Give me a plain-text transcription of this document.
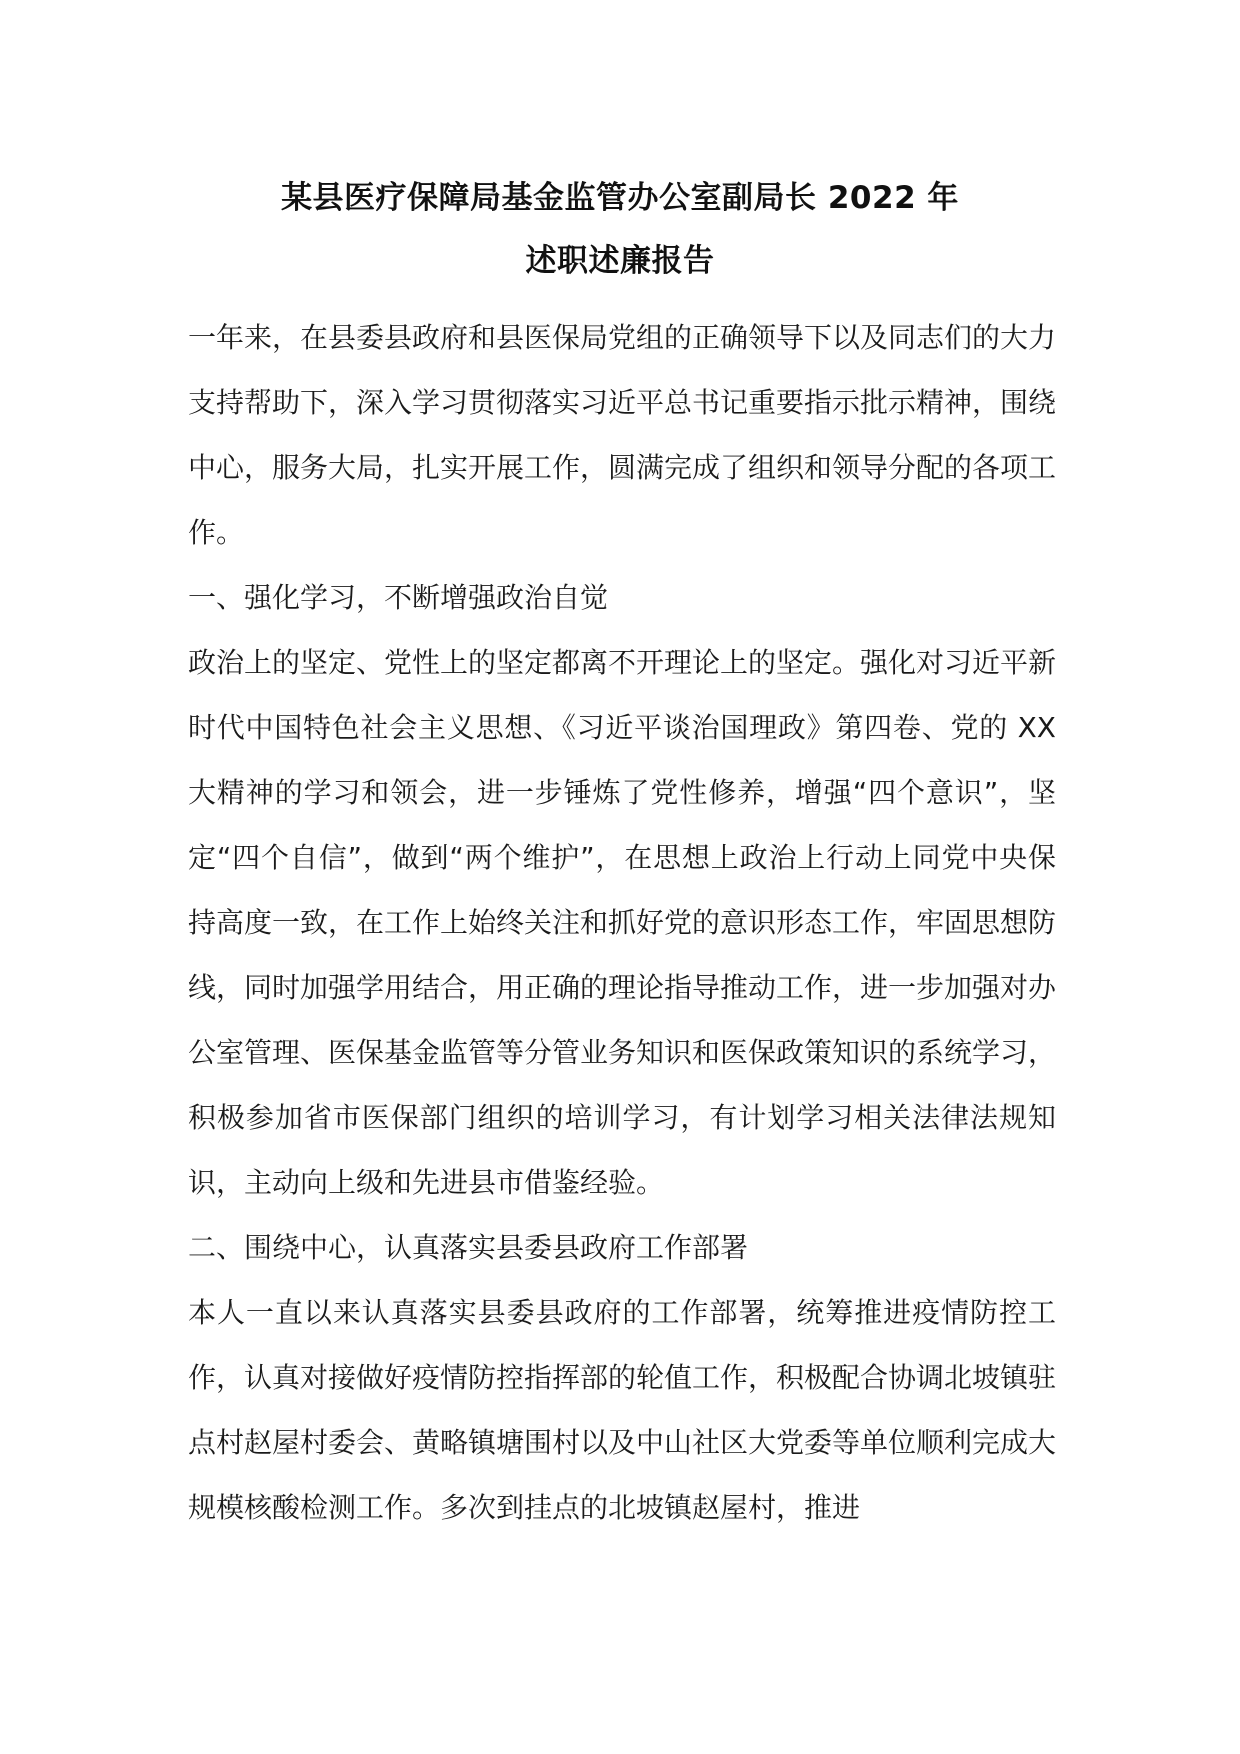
某县医疗保障局基金监管办公室副局长 2022 年
述职述廉报告

一年来，在县委县政府和县医保局党组的正确领导下以及同志们的大力支持帮助下，深入学习贯彻落实习近平总书记重要指示批示精神，围绕中心，服务大局，扎实开展工作，圆满完成了组织和领导分配的各项工作。

一、强化学习，不断增强政治自觉

政治上的坚定、党性上的坚定都离不开理论上的坚定。强化对习近平新时代中国特色社会主义思想、《习近平谈治国理政》第四卷、党的 XX 大精神的学习和领会，进一步锤炼了党性修养，增强“四个意识”，坚定“四个自信”，做到“两个维护”，在思想上政治上行动上同党中央保持高度一致，在工作上始终关注和抓好党的意识形态工作，牢固思想防线，同时加强学用结合，用正确的理论指导推动工作，进一步加强对办公室管理、医保基金监管等分管业务知识和医保政策知识的系统学习，积极参加省市医保部门组织的培训学习，有计划学习相关法律法规知识，主动向上级和先进县市借鉴经验。

二、围绕中心，认真落实县委县政府工作部署

本人一直以来认真落实县委县政府的工作部署，统筹推进疫情防控工作，认真对接做好疫情防控指挥部的轮值工作，积极配合协调北坡镇驻点村赵屋村委会、黄略镇塘围村以及中山社区大党委等单位顺利完成大规模核酸检测工作。多次到挂点的北坡镇赵屋村，推进
